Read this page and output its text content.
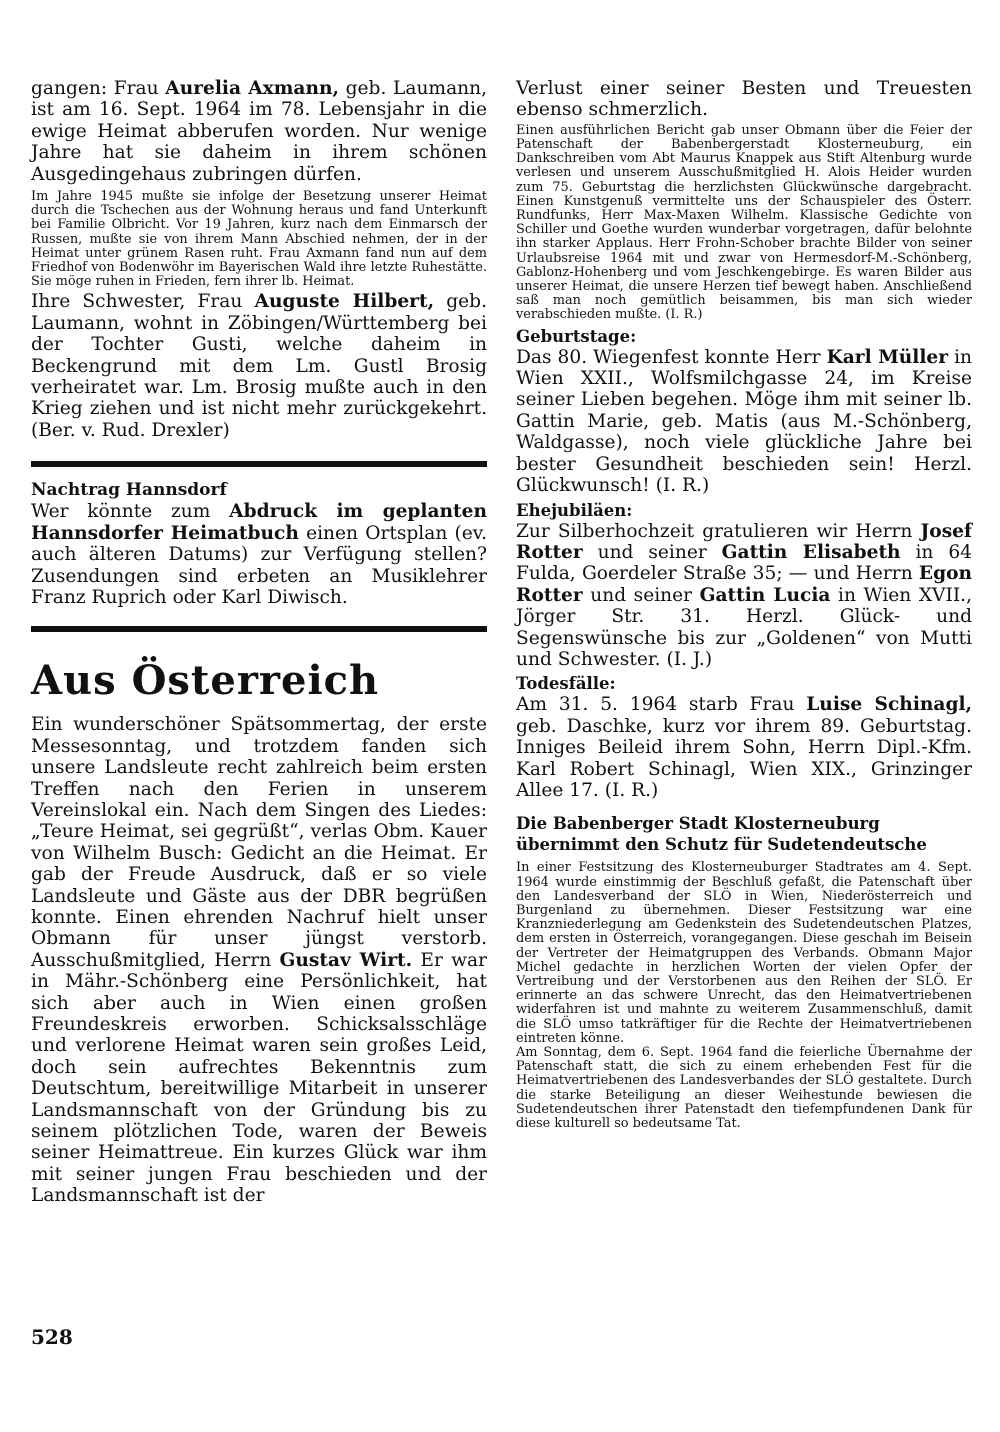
gangen: Frau Aurelia Axmann, geb. Laumann, ist am 16. Sept. 1964 im 78. Lebensjahr in die ewige Heimat abberufen worden. Nur wenige Jahre hat sie daheim in ihrem schönen Ausgedingehaus zubringen dürfen.

Im Jahre 1945 mußte sie infolge der Besetzung unserer Heimat durch die Tschechen aus der Wohnung heraus und fand Unterkunft bei Familie Olbricht. Vor 19 Jahren, kurz nach dem Einmarsch der Russen, mußte sie von ihrem Mann Abschied nehmen, der in der Heimat unter grünem Rasen ruht. Frau Axmann fand nun auf dem Friedhof von Bodenwöhr im Bayerischen Wald ihre letzte Ruhestätte. Sie möge ruhen in Frieden, fern ihrer lb. Heimat.

Ihre Schwester, Frau Auguste Hilbert, geb. Laumann, wohnt in Zöbingen/Württemberg bei der Tochter Gusti, welche daheim in Beckengrund mit dem Lm. Gustl Brosig verheiratet war. Lm. Brosig mußte auch in den Krieg ziehen und ist nicht mehr zurückgekehrt. (Ber. v. Rud. Drexler)

Nachtrag Hannsdorf

Wer könnte zum Abdruck im geplanten Hannsdorfer Heimatbuch einen Ortsplan (ev. auch älteren Datums) zur Verfügung stellen? Zusendungen sind erbeten an Musiklehrer Franz Ruprich oder Karl Diwisch.

Aus Österreich

Ein wunderschöner Spätsommertag, der erste Messesonntag, und trotzdem fanden sich unsere Landsleute recht zahlreich beim ersten Treffen nach den Ferien in unserem Vereinslokal ein. Nach dem Singen des Liedes: „Teure Heimat, sei gegrüßt“, verlas Obm. Kauer von Wilhelm Busch: Gedicht an die Heimat. Er gab der Freude Ausdruck, daß er so viele Landsleute und Gäste aus der DBR begrüßen konnte. Einen ehrenden Nachruf hielt unser Obmann für unser jüngst verstorb. Ausschußmitglied, Herrn Gustav Wirt. Er war in Mähr.-Schönberg eine Persönlichkeit, hat sich aber auch in Wien einen großen Freundeskreis erworben. Schicksalsschläge und verlorene Heimat waren sein großes Leid, doch sein aufrechtes Bekenntnis zum Deutschtum, bereitwillige Mitarbeit in unserer Landsmannschaft von der Gründung bis zu seinem plötzlichen Tode, waren der Beweis seiner Heimattreue. Ein kurzes Glück war ihm mit seiner jungen Frau beschieden und der Landsmannschaft ist der

Verlust einer seiner Besten und Treuesten ebenso schmerzlich.

Einen ausführlichen Bericht gab unser Obmann über die Feier der Patenschaft der Babenbergerstadt Klosterneuburg, ein Dankschreiben vom Abt Maurus Knappek aus Stift Altenburg wurde verlesen und unserem Ausschußmitglied H. Alois Heider wurden zum 75. Geburtstag die herzlichsten Glückwünsche dargebracht. Einen Kunstgenuß vermittelte uns der Schauspieler des Österr. Rundfunks, Herr Max-Maxen Wilhelm. Klassische Gedichte von Schiller und Goethe wurden wunderbar vorgetragen, dafür belohnte ihn starker Applaus. Herr Frohn-Schober brachte Bilder von seiner Urlaubsreise 1964 mit und zwar von Hermesdorf-M.-Schönberg, Gablonz-Hohenberg und vom Jeschkengebirge. Es waren Bilder aus unserer Heimat, die unsere Herzen tief bewegt haben. Anschließend saß man noch gemütlich beisammen, bis man sich wieder verabschieden mußte. (I. R.)

Geburtstage:

Das 80. Wiegenfest konnte Herr Karl Müller in Wien XXII., Wolfsmilchgasse 24, im Kreise seiner Lieben begehen. Möge ihm mit seiner lb. Gattin Marie, geb. Matis (aus M.-Schönberg, Waldgasse), noch viele glückliche Jahre bei bester Gesundheit beschieden sein! Herzl. Glückwunsch! (I. R.)

Ehejubiläen:

Zur Silberhochzeit gratulieren wir Herrn Josef Rotter und seiner Gattin Elisabeth in 64 Fulda, Goerdeler Straße 35; — und Herrn Egon Rotter und seiner Gattin Lucia in Wien XVII., Jörger Str. 31. Herzl. Glück- und Segenswünsche bis zur „Goldenen“ von Mutti und Schwester. (I. J.)

Todesfälle:

Am 31. 5. 1964 starb Frau Luise Schinagl, geb. Daschke, kurz vor ihrem 89. Geburtstag. Inniges Beileid ihrem Sohn, Herrn Dipl.-Kfm. Karl Robert Schinagl, Wien XIX., Grinzinger Allee 17. (I. R.)

Die Babenberger Stadt Klosterneuburg übernimmt den Schutz für Sudetendeutsche

In einer Festsitzung des Klosterneuburger Stadtrates am 4. Sept. 1964 wurde einstimmig der Beschluß gefaßt, die Patenschaft über den Landesverband der SLÖ in Wien, Niederösterreich und Burgenland zu übernehmen. Dieser Festsitzung war eine Kranzniederlegung am Gedenkstein des Sudetendeutschen Platzes, dem ersten in Österreich, vorangegangen. Diese geschah im Beisein der Vertreter der Heimatgruppen des Verbands. Obmann Major Michel gedachte in herzlichen Worten der vielen Opfer der Vertreibung und der Verstorbenen aus den Reihen der SLÖ. Er erinnerte an das schwere Unrecht, das den Heimatvertriebenen widerfahren ist und mahnte zu weiterem Zusammenschluß, damit die SLÖ umso tatkräftiger für die Rechte der Heimatvertriebenen eintreten könne.

Am Sonntag, dem 6. Sept. 1964 fand die feierliche Übernahme der Patenschaft statt, die sich zu einem erhebenden Fest für die Heimatvertriebenen des Landesverbandes der SLÖ gestaltete. Durch die starke Beteiligung an dieser Weihestunde bewiesen die Sudetendeutschen ihrer Patenstadt den tiefempfundenen Dank für diese kulturell so bedeutsame Tat.

528
